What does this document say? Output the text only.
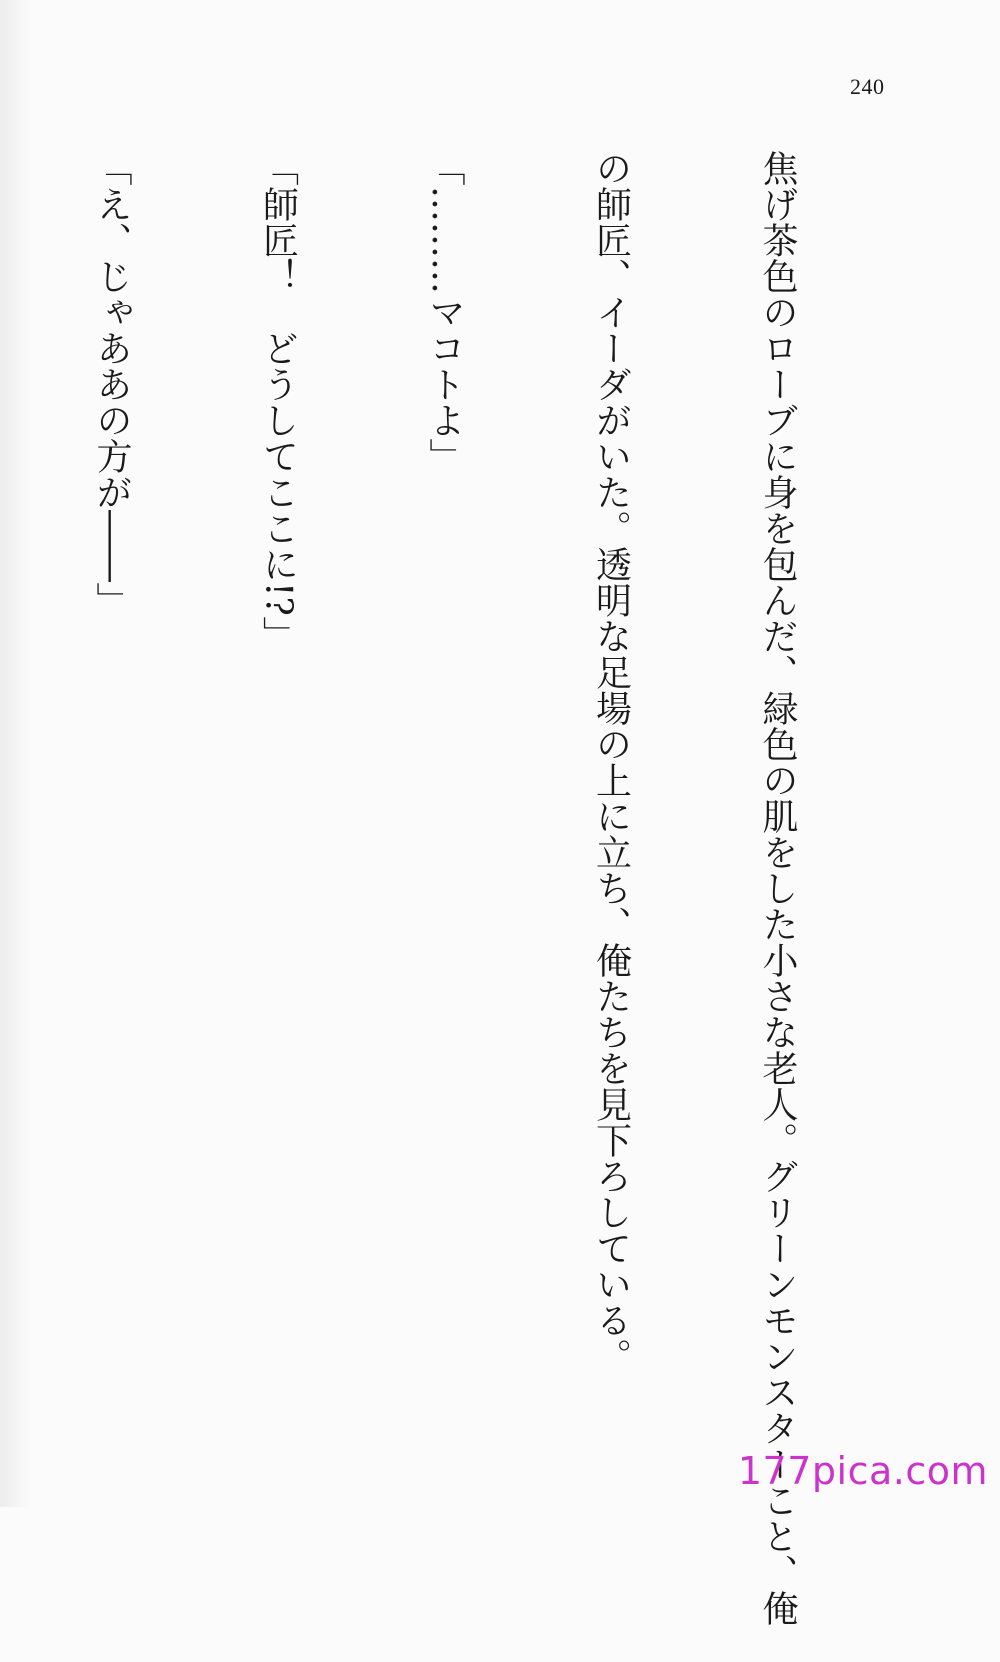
240

焦げ茶色のローブに身を包んだ、緑色の肌をした小さな老人。グリーンモンスターこと、俺

の師匠、イーダがいた。透明な足場の上に立ち、俺たちを見下ろしている。

「………マコトよ」

「師匠！　どうしてここに!?」

「え、じゃああの方が――」

177pica.com
